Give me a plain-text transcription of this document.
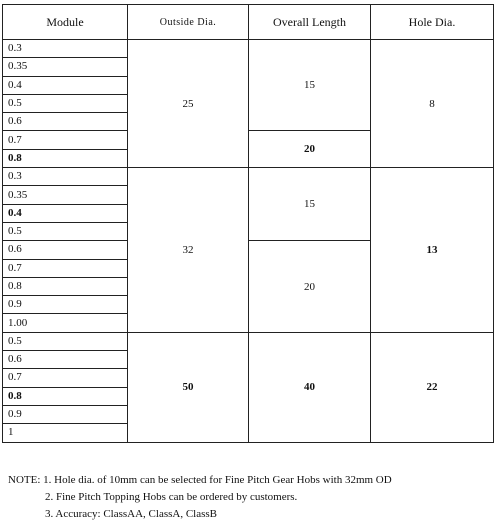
Module	Outside Dia.	Overall Length	Hole Dia.
0.3	25	15	8
0.35			
0.4			
0.5			
0.6			
0.7		20	
0.8			
0.3	32	15	13
0.35			
0.4			
0.5			
0.6		20	
0.7			
0.8			
0.9			
1.00			
0.5	50	40	22
0.6			
0.7			
0.8			
0.9			
1			
NOTE: 1. Hole dia. of 10mm can be selected for Fine Pitch Gear Hobs with 32mm OD
2. Fine Pitch Topping Hobs can be ordered by customers.
3. Accuracy: ClassAA, ClassA, ClassB
